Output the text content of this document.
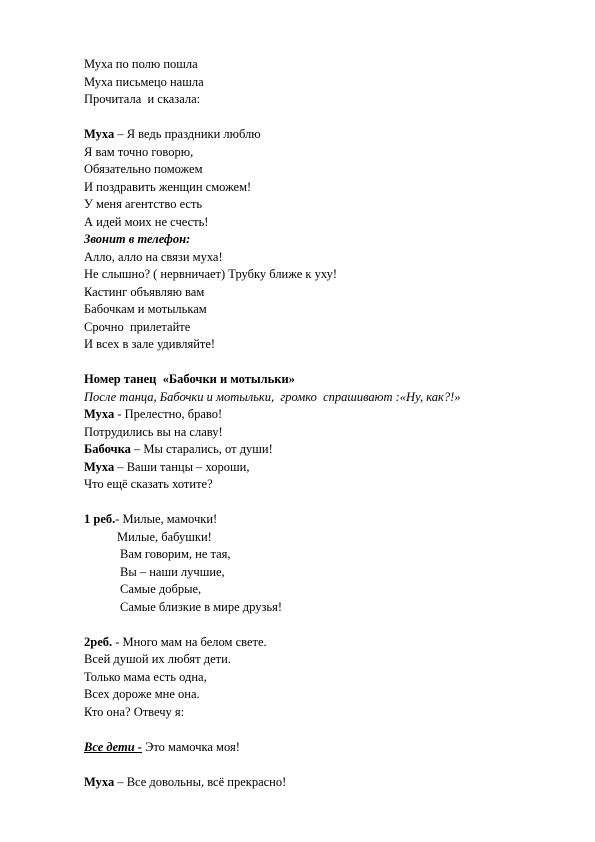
Муха по полю пошла
Муха письмецо нашла
Прочитала  и сказала:
Муха – Я ведь праздники люблю
Я вам точно говорю,
Обязательно поможем
И поздравить женщин сможем!
У меня агентство есть
А идей моих не счесть!
Звонит в телефон:
Алло, алло на связи муха!
Не слышно? ( нервничает) Трубку ближе к уху!
Кастинг объявляю вам
Бабочкам и мотылькам
Срочно  прилетайте
И всех в зале удивляйте!
Номер танец  «Бабочки и мотыльки»
После танца, Бабочки и мотыльки,  громко  спрашивают :«Ну, как?!»
Муха - Прелестно, браво!
Потрудились вы на славу!
Бабочка – Мы старались, от души!
Муха – Ваши танцы – хороши,
Что ещё сказать хотите?
1 реб.- Милые, мамочки!
Милые, бабушки!
Вам говорим, не тая,
Вы – наши лучшие,
Самые добрые,
Самые близкие в мире друзья!
2реб. - Много мам на белом свете.
Всей душой их любят дети.
Только мама есть одна,
Всех дороже мне она.
Кто она? Отвечу я:
Все дети - Это мамочка моя!
Муха – Все довольны, всё прекрасно!
